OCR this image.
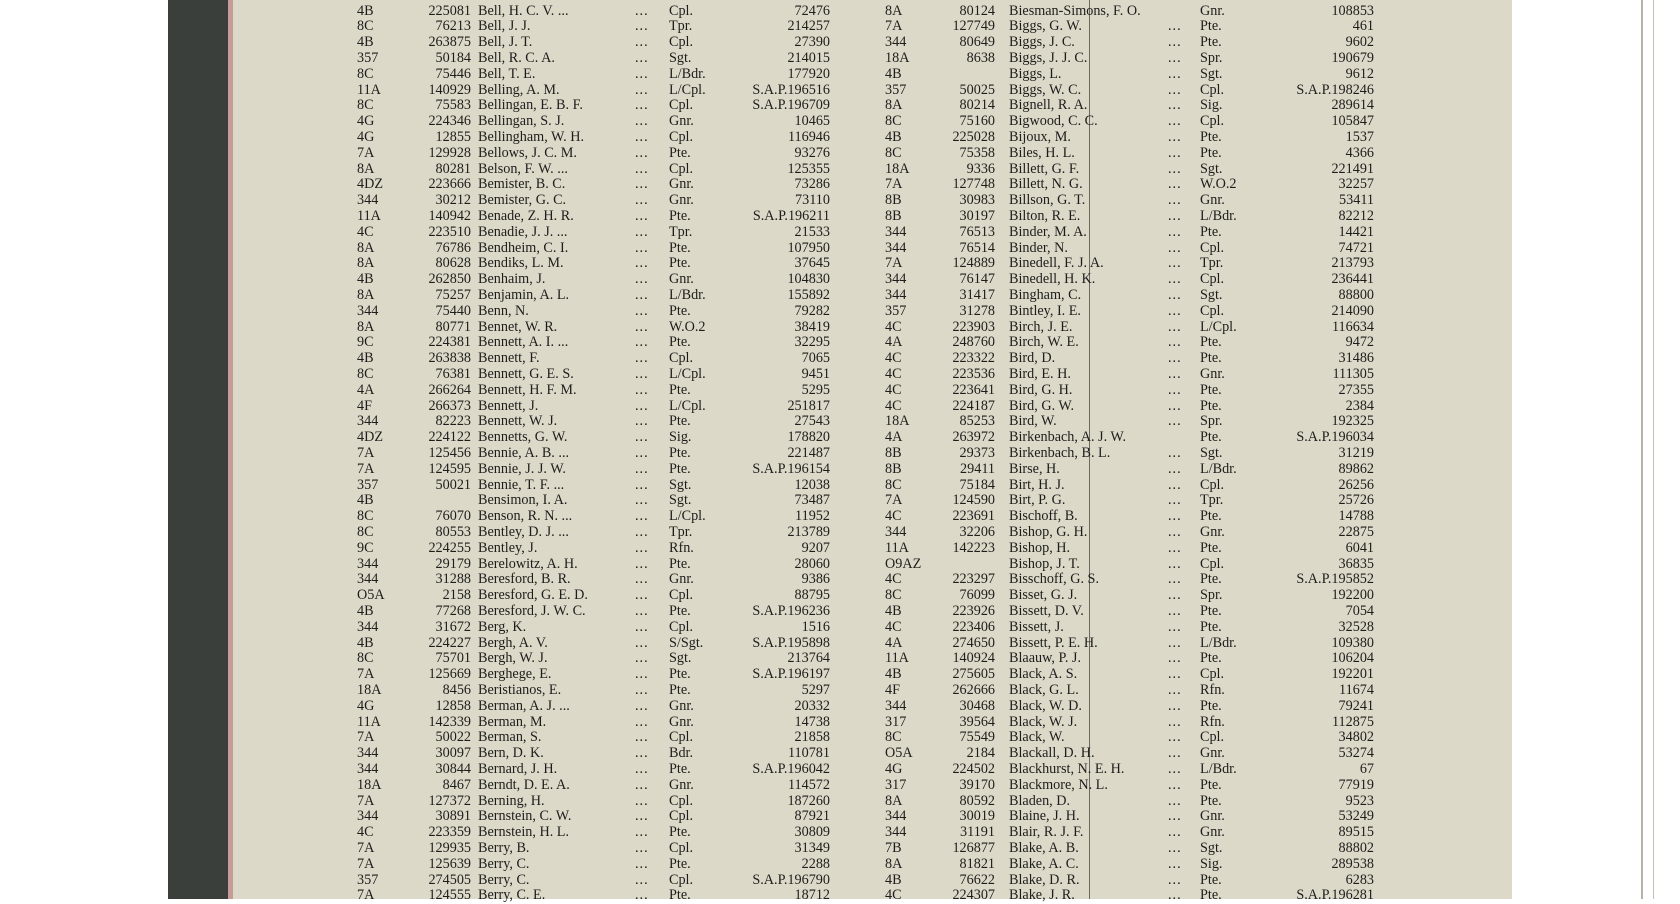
4B	225081 Bell, H. C. V. ...	... Cpl.	72476
8C	76213 Bell, J. J.	... Tpr.	214257
4B	263875 Bell, J. T.	... Cpl.	27390
357	50184 Bell, R. C. A.	... Sgt.	214015
8C	75446 Bell, T. E.	... L/Bdr.	177920
11A	140929 Belling, A. M.	... L/Cpl.	S.A.P.196516
8C	75583 Bellingan, E. B. F.	... Cpl.	S.A.P.196709
4G	224346 Bellingan, S. J.	... Gnr.	10465
4G	12855 Bellingham, W. H.	... Cpl.	116946
7A	129928 Bellows, J. C. M.	... Pte.	93276
8A	80281 Belson, F. W. ...	... Cpl.	125355
4DZ	223666 Bemister, B. C.	... Gnr.	73286
344	30212 Bemister, G. C.	... Gnr.	73110
11A	140942 Benade, Z. H. R.	... Pte.	S.A.P.196211
4C	223510 Benadie, J. J. ...	... Tpr.	21533
8A	76786 Bendheim, C. I.	... Pte.	107950
8A	80628 Bendiks, L. M.	... Pte.	37645
4B	262850 Benhaim, J.	... Gnr.	104830
8A	75257 Benjamin, A. L.	... L/Bdr.	155892
344	75440 Benn, N.	... Pte.	79282
8A	80771 Bennet, W. R.	... W.O.2	38419
9C	224381 Bennett, A. I. ...	... Pte.	32295
4B	263838 Bennett, F.	... Cpl.	7065
8C	76381 Bennett, G. E. S.	... L/Cpl.	9451
4A	266264 Bennett, H. F. M.	... Pte.	5295
4F	266373 Bennett, J.	... L/Cpl.	251817
344	82223 Bennett, W. J.	... Pte.	27543
4DZ	224122 Bennetts, G. W.	... Sig.	178820
7A	125456 Bennie, A. B. ...	... Pte.	221487
7A	124595 Bennie, J. J. W.	... Pte.	S.A.P.196154
357	50021 Bennie, T. F. ...	... Sgt.	12038
4B	Bensimon, I. A.	... Sgt.	73487
8C	76070 Benson, R. N. ...	... L/Cpl.	11952
8C	80553 Bentley, D. J. ...	... Tpr.	213789
9C	224255 Bentley, J.	... Rfn.	9207
344	29179 Berelowitz, A. H.	... Pte.	28060
344	31288 Beresford, B. R.	... Gnr.	9386
O5A	2158 Beresford, G. E. D.	... Cpl.	88795
4B	77268 Beresford, J. W. C.	... Pte.	S.A.P.196236
344	31672 Berg, K.	... Cpl.	1516
4B	224227 Bergh, A. V.	... S/Sgt.	S.A.P.195898
8C	75701 Bergh, W. J.	... Sgt.	213764
7A	125669 Berghege, E.	... Pte.	S.A.P.196197
18A	8456 Beristianos, E.	... Pte.	5297
4G	12858 Berman, A. J. ...	... Gnr.	20332
11A	142339 Berman, M.	... Gnr.	14738
7A	50022 Berman, S.	... Cpl.	21858
344	30097 Bern, D. K.	... Bdr.	110781
344	30844 Bernard, J. H.	... Pte.	S.A.P.196042
18A	8467 Berndt, D. E. A.	... Gnr.	114572
7A	127372 Berning, H.	... Cpl.	187260
344	30891 Bernstein, C. W.	... Cpl.	87921
4C	223359 Bernstein, H. L.	... Pte.	30809
7A	129935 Berry, B.	... Cpl.	31349
7A	125639 Berry, C.	... Pte.	2288
357	274505 Berry, C.	... Cpl.	S.A.P.196790
7A	124555 Berry, C. E.	... Pte.	18712
8A	80124 Biesman-Simons, F. O.	Gnr.	108853
7A	127749 Biggs, G. W.	... Pte.	461
344	80649 Biggs, J. C.	... Pte.	9602
18A	8638 Biggs, J. J. C.	... Spr.	190679
4B	Biggs, L.	... Sgt.	9612
357	50025 Biggs, W. C.	... Cpl.	S.A.P.198246
8A	80214 Bignell, R. A.	... Sig.	289614
8C	75160 Bigwood, C. C.	... Cpl.	105847
4B	225028 Bijoux, M.	... Pte.	1537
8C	75358 Biles, H. L.	... Pte.	4366
18A	9336 Billett, G. F.	... Sgt.	221491
7A	127748 Billett, N. G.	... W.O.2	32257
8B	30983 Billson, G. T.	... Gnr.	53411
8B	30197 Bilton, R. E.	... L/Bdr.	82212
344	76513 Binder, M. A.	... Pte.	14421
344	76514 Binder, N.	... Cpl.	74721
7A	124889 Binedell, F. J. A.	... Tpr.	213793
344	76147 Binedell, H. K.	... Cpl.	236441
344	31417 Bingham, C.	... Sgt.	88800
357	31278 Bintley, I. E.	... Cpl.	214090
4C	223903 Birch, J. E.	... L/Cpl.	116634
4A	248760 Birch, W. E.	... Pte.	9472
4C	223322 Bird, D.	... Pte.	31486
4C	223536 Bird, E. H.	... Gnr.	111305
4C	223641 Bird, G. H.	... Pte.	27355
4C	224187 Bird, G. W.	... Pte.	2384
18A	85253 Bird, W.	... Spr.	192325
4A	263972 Birkenbach, A. J. W.	Pte.	S.A.P.196034
8B	29373 Birkenbach, B. L.	... Sgt.	31219
8B	29411 Birse, H.	... L/Bdr.	89862
8C	75184 Birt, H. J.	... Cpl.	26256
7A	124590 Birt, P. G.	... Tpr.	25726
4C	223691 Bischoff, B.	... Pte.	14788
344	32206 Bishop, G. H.	... Gnr.	22875
11A	142223 Bishop, H.	... Pte.	6041
O9AZ	Bishop, J. T.	... Cpl.	36835
4C	223297 Bisschoff, G. S.	... Pte.	S.A.P.195852
8C	76099 Bisset, G. J.	... Spr.	192200
4B	223926 Bissett, D. V.	... Pte.	7054
4C	223406 Bissett, J.	... Pte.	32528
4A	274650 Bissett, P. E. H.	... L/Bdr.	109380
11A	140924 Blaauw, P. J.	... Pte.	106204
4B	275605 Black, A. S.	... Cpl.	192201
4F	262666 Black, G. L.	... Rfn.	11674
344	30468 Black, W. D.	... Pte.	79241
317	39564 Black, W. J.	... Rfn.	112875
8C	75549 Black, W.	... Cpl.	34802
O5A	2184 Blackall, D. H.	... Gnr.	53274
4G	224502 Blackhurst, N. E. H.	... L/Bdr.	67
317	39170 Blackmore, N. L.	... Pte.	77919
8A	80592 Bladen, D.	... Pte.	9523
344	30019 Blaine, J. H.	... Gnr.	53249
344	31191 Blair, R. J. F.	... Gnr.	89515
7B	126877 Blake, A. B.	... Sgt.	88802
8A	81821 Blake, A. C.	... Sig.	289538
4B	76622 Blake, D. R.	... Pte.	6283
4C	224307 Blake, J. R.	... Pte.	S.A.P.196281
